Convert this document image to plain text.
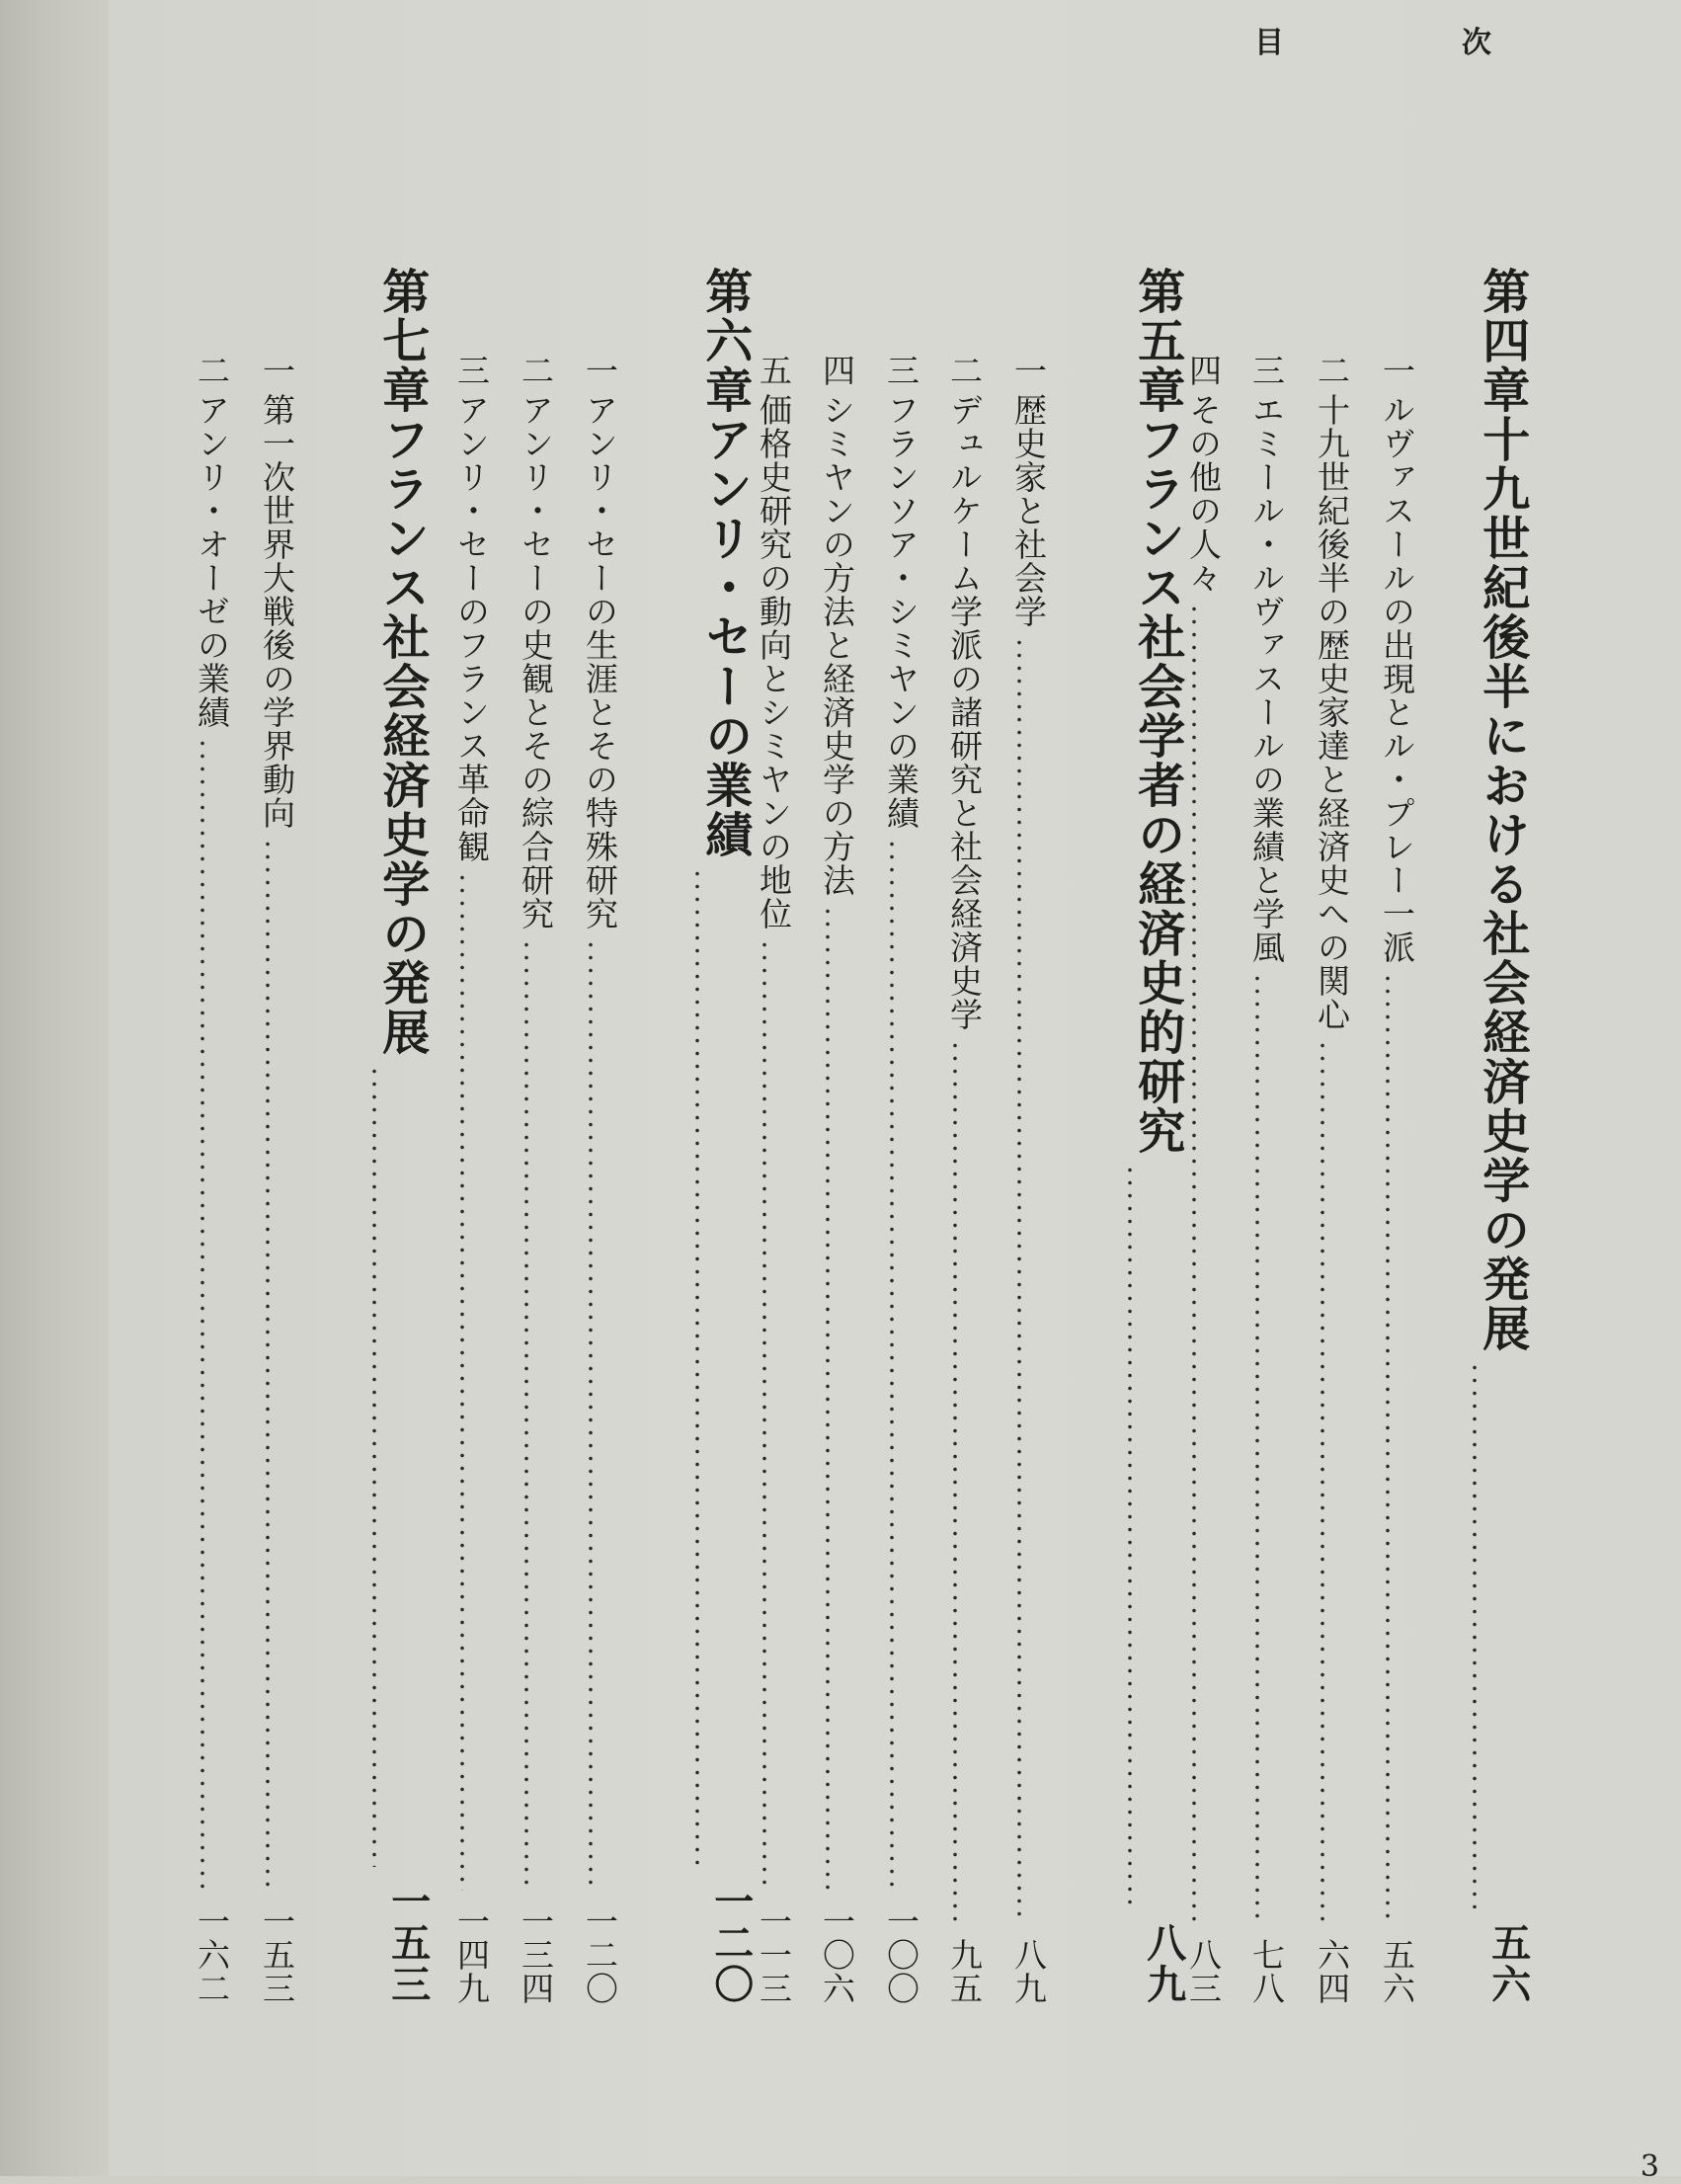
目	次
第四章
十九世紀後半における社会経済史学の発展
五六
一
ルヴァスールの出現とル・プレー一派
五六
二
十九世紀後半の歴史家達と経済史への関心
六四
三
エミール・ルヴァスールの業績と学風
七八
四
その他の人々
八三
第五章
フランス社会学者の経済史的研究
八九
一
歴史家と社会学
八九
二
デュルケーム学派の諸研究と社会経済史学
九五
三
フランソア・シミヤンの業績
一〇〇
四
シミヤンの方法と経済史学の方法
一〇六
五
価格史研究の動向とシミヤンの地位
一一三
第六章
アンリ・セーの業績
一二〇
一
アンリ・セーの生涯とその特殊研究
一二〇
二
アンリ・セーの史観とその綜合研究
一三四
三
アンリ・セーのフランス革命観
一四九
第七章
フランス社会経済史学の発展
一五三
一
第一次世界大戦後の学界動向
一五三
二
アンリ・オーゼの業績
一六二
3
